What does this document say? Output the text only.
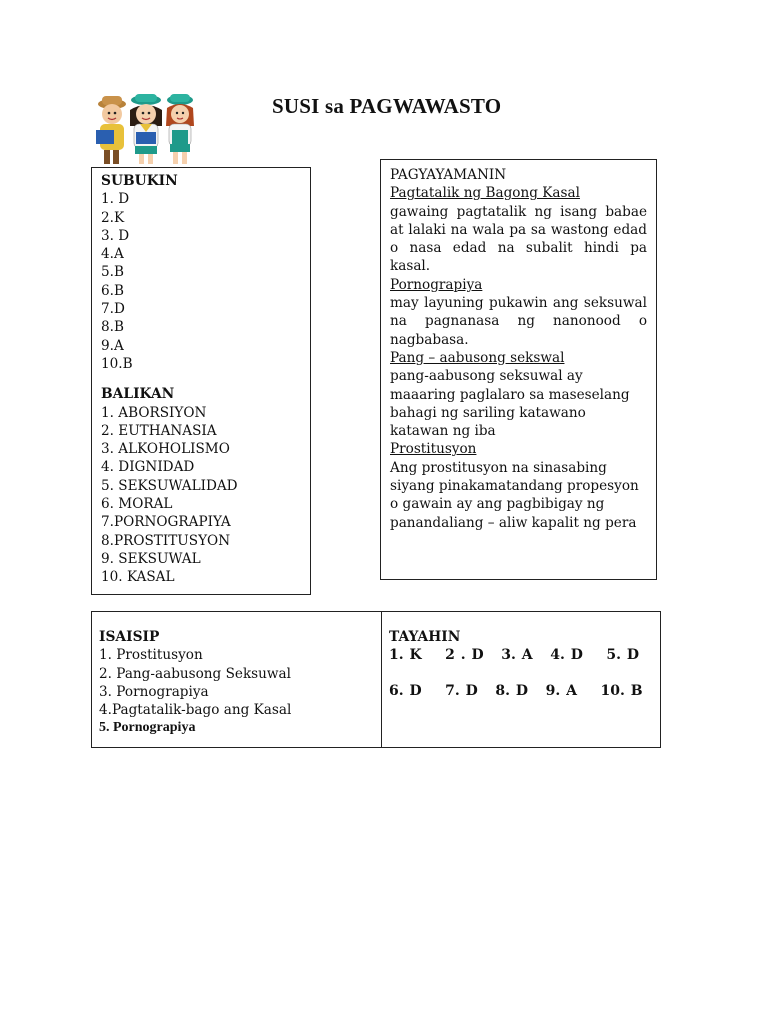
SUSI sa PAGWAWASTO
SUBUKIN
1. D
2.K
3. D
4.A
5.B
6.B
7.D
8.B
9.A
10.B
BALIKAN
1. ABORSIYON
2. EUTHANASIA
3. ALKOHOLISMO
4. DIGNIDAD
5. SEKSUWALIDAD
6. MORAL
7.PORNOGRAPIYA
8.PROSTITUSYON
9. SEKSUWAL
10. KASAL

PAGYAYAMANIN

Pagtatalik ng Bagong Kasal

gawaing pagtatalik ng isang babae at lalaki na wala pa sa wastong edad o nasa edad na subalit hindi pa kasal.

Pornograpiya

may layuning pukawin ang seksuwal na pagnanasa ng nanonood o nagbabasa.

Pang – aabusong sekswal

pang-aabusong seksuwal ay maaaring paglalaro sa maseselang bahagi ng sariling katawano katawan ng iba

Prostitusyon

Ang prostitusyon na sinasabing siyang pinakamatandang propesyon o gawain ay ang pagbibigay ng panandaliang – aliw kapalit ng pera

ISAISIP
1. Prostitusyon
2. Pang-aabusong Seksuwal
3. Pornograpiya
4.Pagtatalik-bago ang Kasal
5. Pornograpiya
TAYAHIN
1. K    2 . D   3. A   4. D    5. D
6. D    7. D   8. D   9. A    10. B
